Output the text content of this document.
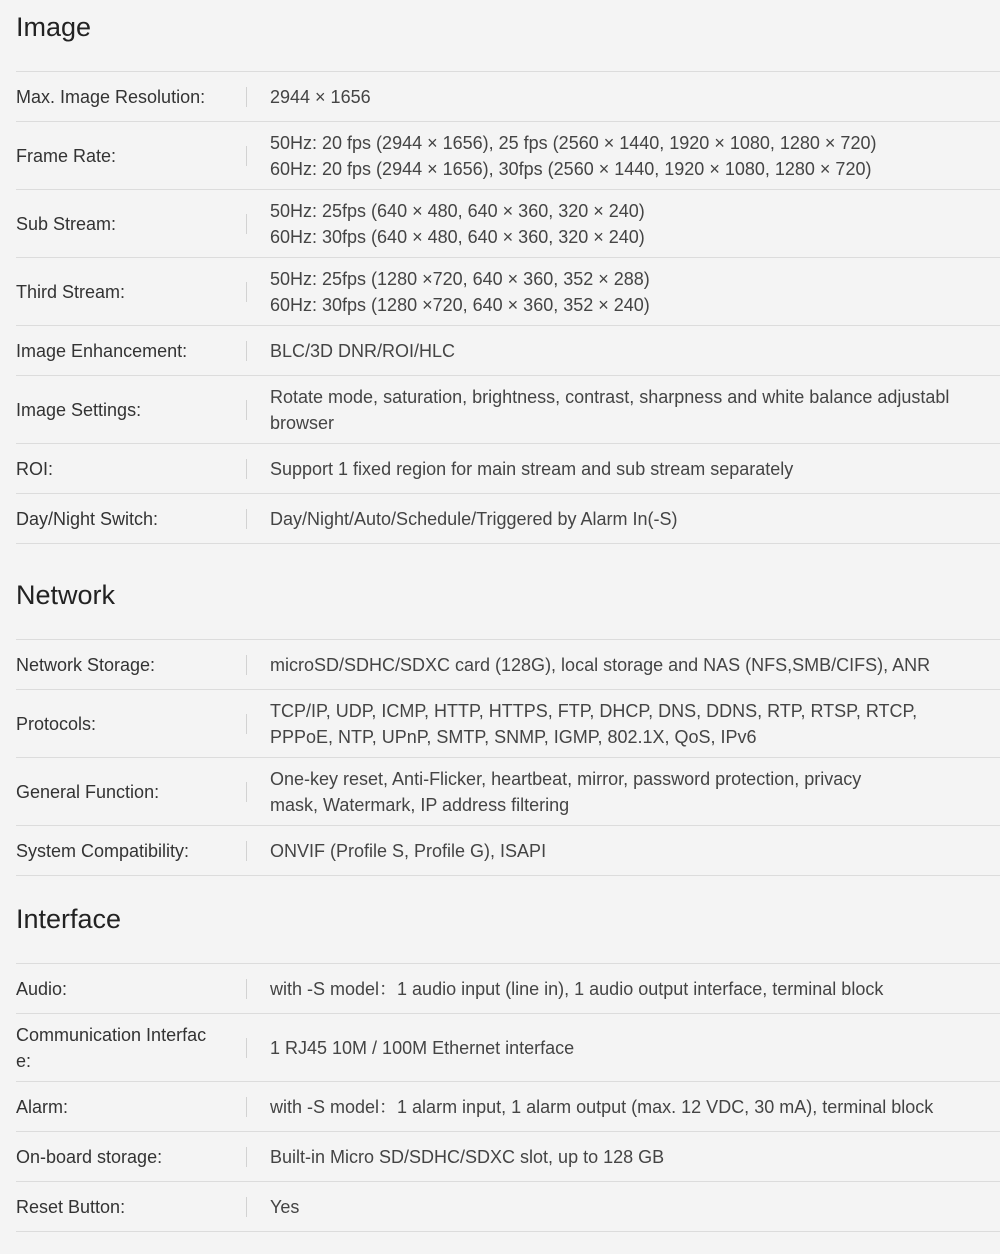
Image
Max. Image Resolution:	2944 × 1656
Frame Rate:
50Hz: 20 fps (2944 × 1656), 25 fps (2560 × 1440, 1920 × 1080, 1280 × 720)
60Hz: 20 fps (2944 × 1656), 30fps (2560 × 1440, 1920 × 1080, 1280 × 720)
Sub Stream:
50Hz: 25fps (640 × 480, 640 × 360, 320 × 240)
60Hz: 30fps (640 × 480, 640 × 360, 320 × 240)
Third Stream:
50Hz: 25fps (1280 ×720, 640 × 360, 352 × 288)
60Hz: 30fps (1280 ×720, 640 × 360, 352 × 240)
Image Enhancement:	BLC/3D DNR/ROI/HLC
Image Settings:
Rotate mode, saturation, brightness, contrast, sharpness and white balance adjustabl
browser
ROI:	Support 1 fixed region for main stream and sub stream separately
Day/Night Switch:	Day/Night/Auto/Schedule/Triggered by Alarm In(-S)
Network
Network Storage:	microSD/SDHC/SDXC card (128G), local storage and NAS (NFS,SMB/CIFS), ANR
Protocols:
TCP/IP, UDP, ICMP, HTTP, HTTPS, FTP, DHCP, DNS, DDNS, RTP, RTSP, RTCP,
PPPoE, NTP, UPnP, SMTP, SNMP, IGMP, 802.1X, QoS, IPv6
General Function:
One-key reset, Anti-Flicker, heartbeat, mirror, password protection, privacy
mask, Watermark, IP address filtering
System Compatibility:	ONVIF (Profile S, Profile G), ISAPI
Interface
Audio:	with -S model：1 audio input (line in), 1 audio output interface, terminal block
Communication Interfac
e:
1 RJ45 10M / 100M Ethernet interface
Alarm:	with -S model：1 alarm input, 1 alarm output (max. 12 VDC, 30 mA), terminal block
On-board storage:	Built-in Micro SD/SDHC/SDXC slot, up to 128 GB
Reset Button:	Yes
